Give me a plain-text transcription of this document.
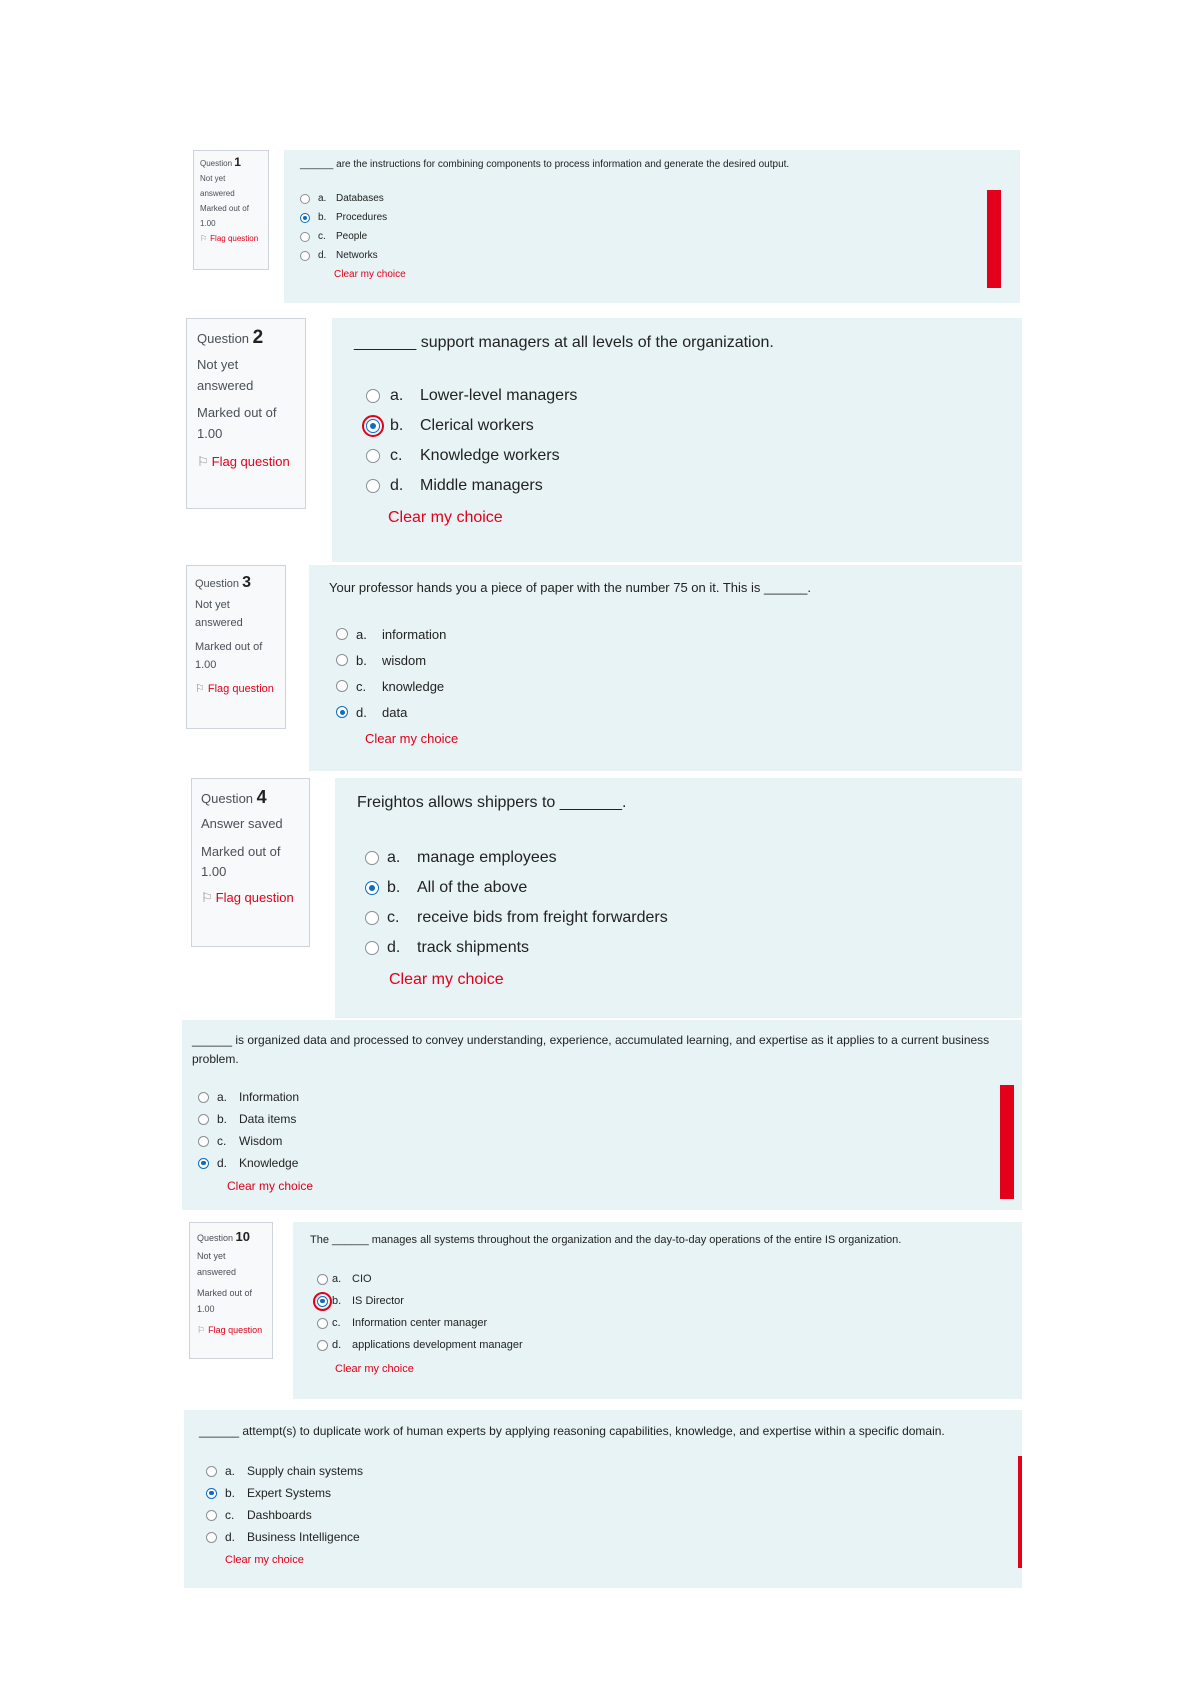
Question 1
Not yet answered
Marked out of 1.00
⚐ Flag question
______ are the instructions for combining components to process information and generate the desired output.
a. Databases
b. Procedures
c.	People
d. Networks
Clear my choice
Question 2
Not yet answered
Marked out of 1.00
⚐ Flag question
_______ support managers at all levels of the organization.
a.	Lower-level managers
b.	Clerical workers
c.	Knowledge workers
d.	Middle managers
Clear my choice
Question 3
Not yet answered
Marked out of 1.00
⚐ Flag question
Your professor hands you a piece of paper with the number 75 on it. This is ______.
a.	information
b.	wisdom
c.	knowledge
d.	data
Clear my choice
Question 4
Answer saved
Marked out of 1.00
⚐ Flag question
Freightos allows shippers to _______.
a.	manage employees
b.	All of the above
c.	receive bids from freight forwarders
d.	track shipments
Clear my choice
______ is organized data and processed to convey understanding, experience, accumulated learning, and expertise as it applies to a current business problem.
a. Information
b. Data items
c.	Wisdom
d. Knowledge
Clear my choice
Question 10
Not yet answered
Marked out of 1.00
⚐ Flag question
The ______ manages all systems throughout the organization and the day-to-day operations of the entire IS organization.
a. CIO
b. IS Director
c.	Information center manager
d. applications development manager
Clear my choice
______ attempt(s) to duplicate work of human experts by applying reasoning capabilities, knowledge, and expertise within a specific domain.
a. Supply chain systems
b. Expert Systems
c.	Dashboards
d. Business Intelligence
Clear my choice
